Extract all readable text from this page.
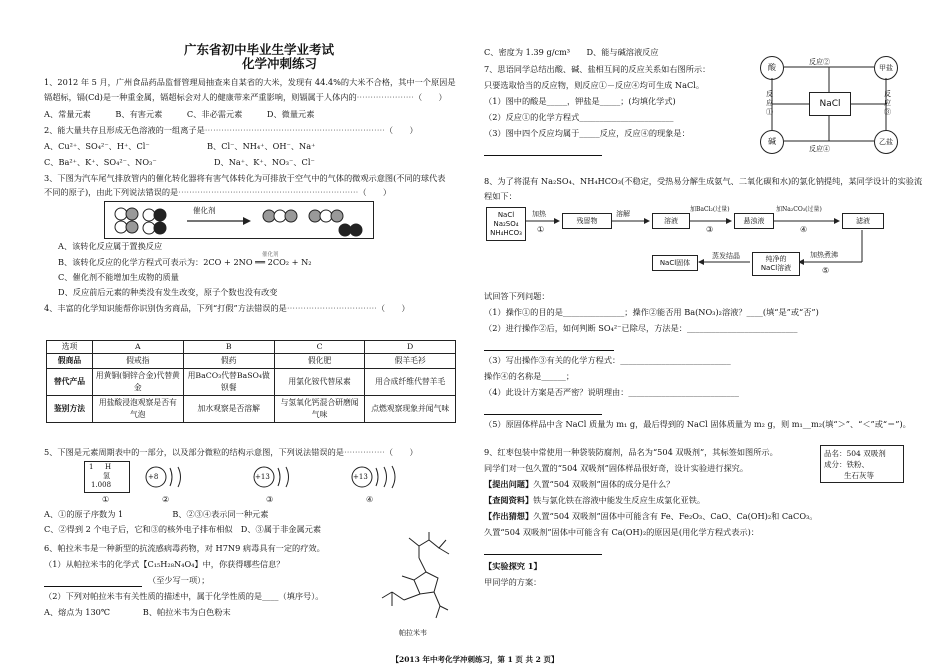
广东省初中毕业生学业考试
化学冲刺练习
1、2012 年 5 月，广州食品药品监督管理局抽查来自某省的大米，发现有 44.4%的大米不合格，其中一个原因是
镉超标，镉(Cd)是一种重金属，镉超标会对人的健康带来严重影响，则镉属于人体内的⋯⋯⋯⋯⋯⋯⋯（　　）
A、常量元素　　　B、有害元素　　　C、非必需元素　　　D、微量元素
2、能大量共存且形成无色溶液的一组离子是⋯⋯⋯⋯⋯⋯⋯⋯⋯⋯⋯⋯⋯⋯⋯⋯⋯⋯⋯⋯⋯⋯（　　）
A、Cu²⁺、SO₄²⁻、H⁺、Cl⁻　　　　　　　B、Cl⁻、NH₄⁺、OH⁻、Na⁺
C、Ba²⁺、K⁺、SO₄²⁻、NO₃⁻　　　　　　　D、Na⁺、K⁺、NO₃⁻、Cl⁻
3、下图为汽车尾气排放管内的催化转化器将有害气体转化为可排放于空气中的气体的微观示意图(不同的球代表
不同的原子)，由此下列说法错误的是⋯⋯⋯⋯⋯⋯⋯⋯⋯⋯⋯⋯⋯⋯⋯⋯⋯⋯⋯⋯⋯⋯（　　）
催化剂
A、该转化反应属于置换反应
B、该转化反应的化学方程式可表示为：2CO + 2NO ══ 2CO₂ + N₂
催化剂
C、催化剂不能增加生成物的质量
D、反应前后元素的种类没有发生改变，原子个数也没有改变
4、丰富的化学知识能帮你识别伪劣商品，下列“打假”方法错误的是⋯⋯⋯⋯⋯⋯⋯⋯⋯⋯⋯（　　）
选项	A	B	C	D
假商品	假戒指	假药	假化肥	假羊毛衫
替代产品	用黄铜(铜锌合金)代替黄金	用BaCO₃代替BaSO₄做钡餐	用氯化铵代替尿素	用合成纤维代替羊毛
鉴别方法	用盐酸浸泡观察是否有气泡	加水观察是否溶解	与氢氧化钙混合研磨闻气味	点燃观察现象并闻气味
5、下图是元素周期表中的一部分，以及部分微粒的结构示意图，下列说法错误的是⋯⋯⋯⋯⋯（　　）
1 H
氢
1.008
①
+8	+13	+13
②	③	④
A、①的原子序数为 1　　　　　　B、②③④表示同一种元素
C、②得到 2 个电子后，它和③的核外电子排布相似　D、③属于非金属元素
6、帕拉米韦是一种新型的抗流感病毒药物，对 H7N9 病毒具有一定的疗效。
（1）从帕拉米韦的化学式【C₁₅H₂₈N₄O₄】中，你获得哪些信息？
（至少写一项）；
（2）下列对帕拉米韦有关性质的描述中，属于化学性质的是____（填序号）。
A、熔点为 130℃　　　　B、帕拉米韦为白色粉末
帕拉米韦
C、密度为 1.39 g/cm³　　D、能与碱溶液反应
7、思语同学总结出酸、碱、盐相互间的反应关系如右图所示：
只要选取恰当的反应物，则反应①－反应④均可生成 NaCl。
（1）图中的酸是_____，钾盐是_____；(均填化学式)
（2）反应①的化学方程式_______________________
（3）图中四个反应均属于_____反应，反应④的现象是：
酸	甲盐
碱	乙盐
NaCl
反应②
反应④
反应①
反应③
8、为了将混有 Na₂SO₄、NH₄HCO₃(不稳定，受热易分解生成氨气、二氧化碳和水)的氯化钠提纯，某同学设计的实验流
程如下：
NaCl
Na₂SO₄
NH₄HCO₃
加热
①
残留物
溶解
溶液
加BaCl₂(过量)
③
悬浊液
加Na₂CO₃(过量)
④
滤液
加热煮沸
⑤
纯净的
NaCl溶液
蒸发结晶
NaCl固体
试回答下列问题：
（1）操作①的目的是_______________；操作②能否用 Ba(NO₃)₂溶液？____(填“是”或“否”)
（2）进行操作②后，如何判断 SO₄²⁻已除尽，方法是：___________________________
（3）写出操作③有关的化学方程式：___________________________
操作④的名称是______；
（4）此设计方案是否严密？说明理由：___________________________
（5）原固体样品中含 NaCl 质量为 m₁ g，最后得到的 NaCl 固体质量为 m₂ g，则 m₁__m₂(填“＞”、“＜”或“＝”)。
9、红枣包装中常使用一种袋装防腐剂，品名为“504 双吸剂”，其标签如图所示。
同学们对一包久置的“504 双吸剂”固体样品很好奇，设计实验进行探究。
品名：504 双吸剂
成分：铁粉、
生石灰等
【提出问题】久置“504 双吸剂”固体的成分是什么？
【查阅资料】铁与氯化铁在溶液中能发生反应生成氯化亚铁。
【作出猜想】久置“504 双吸剂”固体中可能含有 Fe、Fe₂O₃、CaO、Ca(OH)₂和 CaCO₃。
久置“504 双吸剂”固体中可能含有 Ca(OH)₂的原因是(用化学方程式表示)：
【实验探究 1】
甲同学的方案：
【2013 年中考化学冲刺练习，第 1 页 共 2 页】
